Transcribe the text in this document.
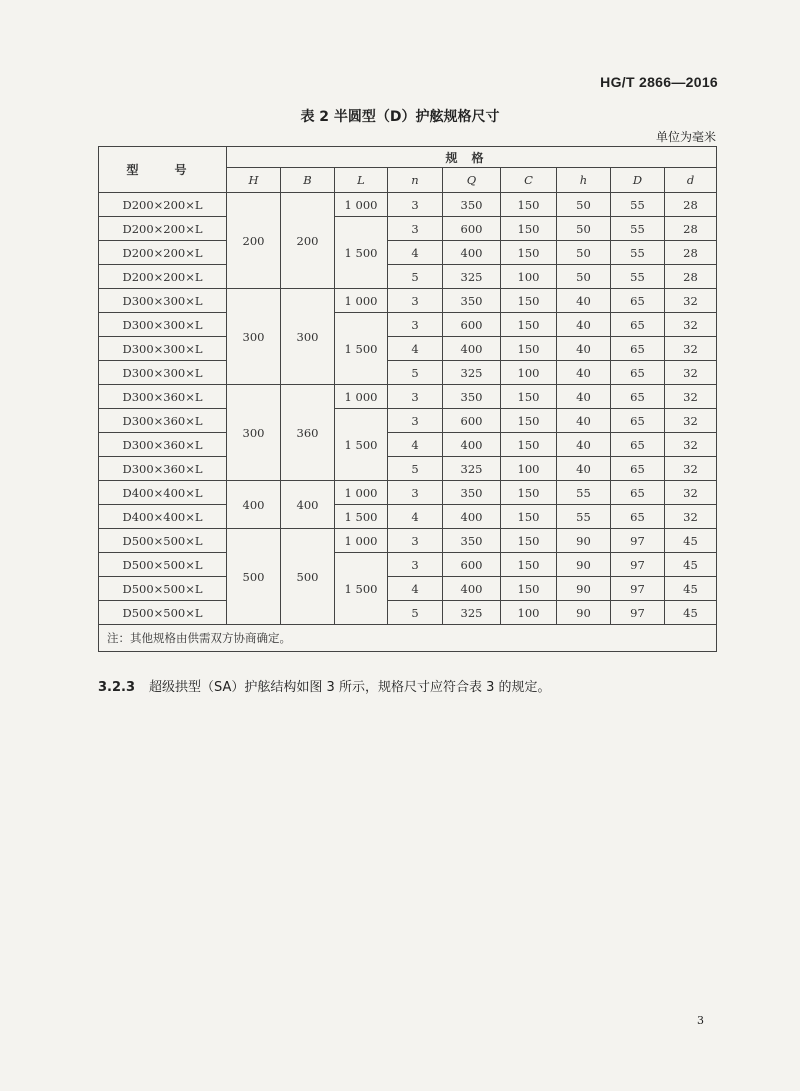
HG/T 2866—2016
表 2 半圆型（D）护舷规格尺寸
单位为毫米
型　号	规格								
	H	B	L	n	Q	C	h	D	d
D200×200×L	200	200	1 000	3	350	150	50	55	28
D200×200×L			1 500	3	600	150	50	55	28
D200×200×L				4	400	150	50	55	28
D200×200×L				5	325	100	50	55	28
D300×300×L	300	300	1 000	3	350	150	40	65	32
D300×300×L			1 500	3	600	150	40	65	32
D300×300×L				4	400	150	40	65	32
D300×300×L				5	325	100	40	65	32
D300×360×L	300	360	1 000	3	350	150	40	65	32
D300×360×L			1 500	3	600	150	40	65	32
D300×360×L				4	400	150	40	65	32
D300×360×L				5	325	100	40	65	32
D400×400×L	400	400	1 000	3	350	150	55	65	32
D400×400×L			1 500	4	400	150	55	65	32
D500×500×L	500	500	1 000	3	350	150	90	97	45
D500×500×L			1 500	3	600	150	90	97	45
D500×500×L				4	400	150	90	97	45
D500×500×L				5	325	100	90	97	45
注：其他规格由供需双方协商确定。									
3.2.3 超级拱型（SA）护舷结构如图 3 所示，规格尺寸应符合表 3 的规定。
3
